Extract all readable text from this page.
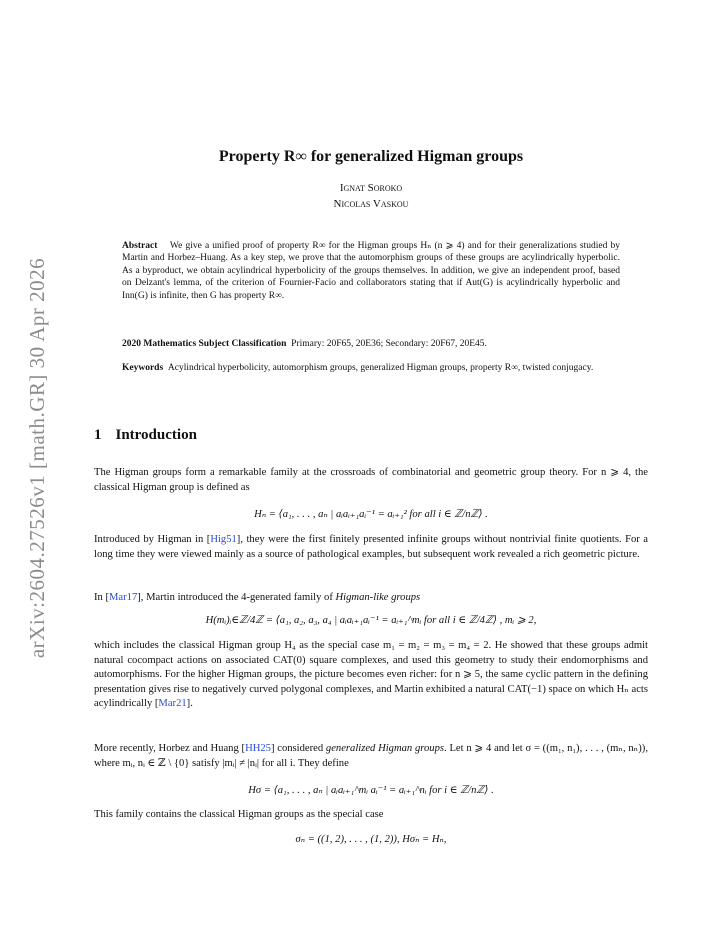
arXiv:2604.27526v1 [math.GR] 30 Apr 2026
Property R∞ for generalized Higman groups
Ignat Soroko
Nicolas Vaskou
Abstract We give a unified proof of property R∞ for the Higman groups Hₙ (n ⩾ 4) and for their generalizations studied by Martin and Horbez–Huang. As a key step, we prove that the automorphism groups of these groups are acylindrically hyperbolic. As a byproduct, we obtain acylindrical hyperbolicity of the groups themselves. In addition, we give an independent proof, based on Delzant's lemma, of the criterion of Fournier-Facio and collaborators stating that if Aut(G) is acylindrically hyperbolic and Inn(G) is infinite, then G has property R∞.
2020 Mathematics Subject Classification Primary: 20F65, 20E36; Secondary: 20F67, 20E45.
Keywords Acylindrical hyperbolicity, automorphism groups, generalized Higman groups, property R∞, twisted conjugacy.
1 Introduction
The Higman groups form a remarkable family at the crossroads of combinatorial and geometric group theory. For n ⩾ 4, the classical Higman group is defined as
Hₙ = ⟨a₁, . . . , aₙ | aᵢaᵢ₊₁aᵢ⁻¹ = aᵢ₊₁² for all i ∈ ℤ/nℤ⟩ .
Introduced by Higman in [Hig51], they were the first finitely presented infinite groups without nontrivial finite quotients. For a long time they were viewed mainly as a source of pathological examples, but subsequent work revealed a rich geometric picture.
In [Mar17], Martin introduced the 4-generated family of Higman-like groups
H(mᵢ)ᵢ∈ℤ/4ℤ = ⟨a₁, a₂, a₃, a₄ | aᵢaᵢ₊₁aᵢ⁻¹ = aᵢ₊₁^mᵢ for all i ∈ ℤ/4ℤ⟩ , mᵢ ⩾ 2,
which includes the classical Higman group H₄ as the special case m₁ = m₂ = m₃ = m₄ = 2. He showed that these groups admit natural cocompact actions on associated CAT(0) square complexes, and used this geometry to study their endomorphisms and automorphisms. For the higher Higman groups, the picture becomes even richer: for n ⩾ 5, the same cyclic pattern in the defining presentation gives rise to negatively curved polygonal complexes, and Martin exhibited a natural CAT(−1) space on which Hₙ acts acylindrically [Mar21].
More recently, Horbez and Huang [HH25] considered generalized Higman groups. Let n ⩾ 4 and let σ = ((m₁, n₁), . . . , (mₙ, nₙ)), where mᵢ, nᵢ ∈ ℤ \ {0} satisfy |mᵢ| ≠ |nᵢ| for all i. They define
Hσ = ⟨a₁, . . . , aₙ | aᵢaᵢ₊₁^mᵢ aᵢ⁻¹ = aᵢ₊₁^nᵢ for i ∈ ℤ/nℤ⟩ .
This family contains the classical Higman groups as the special case
σₙ = ((1, 2), . . . , (1, 2)), Hσₙ = Hₙ,
